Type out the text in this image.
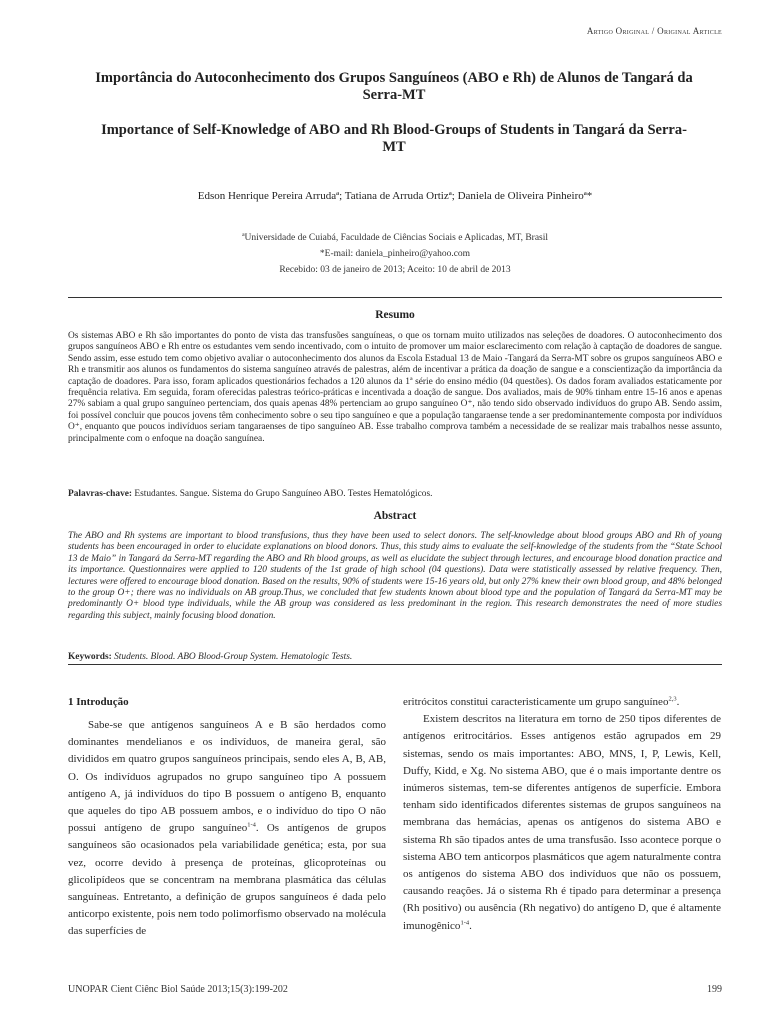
Artigo Original / Original Article
Importância do Autoconhecimento dos Grupos Sanguíneos (ABO e Rh) de Alunos de Tangará da Serra-MT
Importance of Self-Knowledge of ABO and Rh Blood-Groups of Students in Tangará da Serra-MT
Edson Henrique Pereira Arrudaª; Tatiana de Arruda Ortizª; Daniela de Oliveira Pinheiroª*
ªUniversidade de Cuiabá, Faculdade de Ciências Sociais e Aplicadas, MT, Brasil
*E-mail: daniela_pinheiro@yahoo.com
Recebido: 03 de janeiro de 2013; Aceito: 10 de abril de 2013
Resumo

Os sistemas ABO e Rh são importantes do ponto de vista das transfusões sanguíneas, o que os tornam muito utilizados nas seleções de doadores. O autoconhecimento dos grupos sanguíneos ABO e Rh entre os estudantes vem sendo incentivado, com o intuito de promover um maior esclarecimento com relação à captação de doadores de sangue. Sendo assim, esse estudo tem como objetivo avaliar o autoconhecimento dos alunos da Escola Estadual 13 de Maio -Tangará da Serra-MT sobre os grupos sanguíneos ABO e Rh e transmitir aos alunos os fundamentos do sistema sanguíneo através de palestras, além de incentivar a prática da doação de sangue e a conscientização da importância da captação de doadores. Para isso, foram aplicados questionários fechados a 120 alunos da 1ª série do ensino médio (04 questões). Os dados foram avaliados estaticamente por frequência relativa. Em seguida, foram oferecidas palestras teórico-práticas e incentivada a doação de sangue. Dos avaliados, mais de 90% tinham entre 15-16 anos e apenas 27% sabiam a qual grupo sanguíneo pertenciam, dos quais apenas 48% pertenciam ao grupo sanguíneo O⁺, não tendo sido observado indivíduos do grupo AB. Sendo assim, foi possível concluir que poucos jovens têm conhecimento sobre o seu tipo sanguíneo e que a população tangaraense tende a ser predominantemente composta por indivíduos O⁺, enquanto que poucos indivíduos seriam tangaraenses de tipo sanguíneo AB. Esse trabalho comprova também a necessidade de se realizar mais trabalhos nesse assunto, principalmente com o enfoque na doação sanguínea.

Palavras-chave: Estudantes. Sangue. Sistema do Grupo Sanguíneo ABO. Testes Hematológicos.
Abstract

The ABO and Rh systems are important to blood transfusions, thus they have been used to select donors. The self-knowledge about blood groups ABO and Rh of young students has been encouraged in order to elucidate explanations on blood donors. Thus, this study aims to evaluate the self-knowledge of the students from the “State School 13 de Maio” in Tangará da Serra-MT regarding the ABO and Rh blood groups, as well as elucidate the subject through lectures, and encourage blood donation practice and its importance. Questionnaires were applied to 120 students of the 1st grade of high school (04 questions). Data were statistically assessed by relative frequency. Then, lectures were offered to encourage blood donation. Based on the results, 90% of students were 15-16 years old, but only 27% knew their own blood group, and 48% belonged to the group O+; there was no individuals on AB group.Thus, we concluded that few students known about blood type and the population of Tangará da Serra-MT may be predominantly O+ blood type individuals, while the AB group was considered as less predominant in the region. This research demonstrates the need of more studies regarding this subject, mainly focusing blood donation.

Keywords: Students. Blood. ABO Blood-Group System. Hematologic Tests.
1 Introdução

Sabe-se que antígenos sanguíneos A e B são herdados como dominantes mendelianos e os indivíduos, de maneira geral, são divididos em quatro grupos sanguíneos principais, sendo eles A, B, AB, O. Os indivíduos agrupados no grupo sanguíneo tipo A possuem antígeno A, já indivíduos do tipo B possuem o antígeno B, enquanto que aqueles do tipo AB possuem ambos, e o indivíduo do tipo O não possui antígeno de grupo sanguíneo$^{1-4}$. Os antígenos de grupos sanguíneos são ocasionados pela variabilidade genética; esta, por sua vez, ocorre devido à presença de proteínas, glicoproteínas ou glicolipídeos que se concentram na membrana plasmática das células sanguíneas. Entretanto, a definição de grupos sanguíneos é dada pelo anticorpo existente, pois nem todo polimorfismo observado na molécula das superfícies de

eritrócitos constitui caracteristicamente um grupo sanguíneo$^{2,3}$.

Existem descritos na literatura em torno de 250 tipos diferentes de antígenos eritrocitários. Esses antígenos estão agrupados em 29 sistemas, sendo os mais importantes: ABO, MNS, I, P, Lewis, Kell, Duffy, Kidd, e Xg. No sistema ABO, que é o mais importante dentre os inúmeros sistemas, tem-se diferentes antígenos de superfície. Embora tenham sido identificados diferentes sistemas de grupos sanguíneos na membrana das hemácias, apenas os antígenos do sistema ABO e sistema Rh são tipados antes de uma transfusão. Isso acontece porque o sistema ABO tem anticorpos plasmáticos que agem naturalmente contra os antígenos do sistema ABO dos indivíduos que não os possuem, causando reações. Já o sistema Rh é tipado para determinar a presença (Rh positivo) ou ausência (Rh negativo) do antígeno D, que é altamente imunogênico$^{1-4}$.

UNOPAR Cient Ciênc Biol Saúde 2013;15(3):199-202	199
